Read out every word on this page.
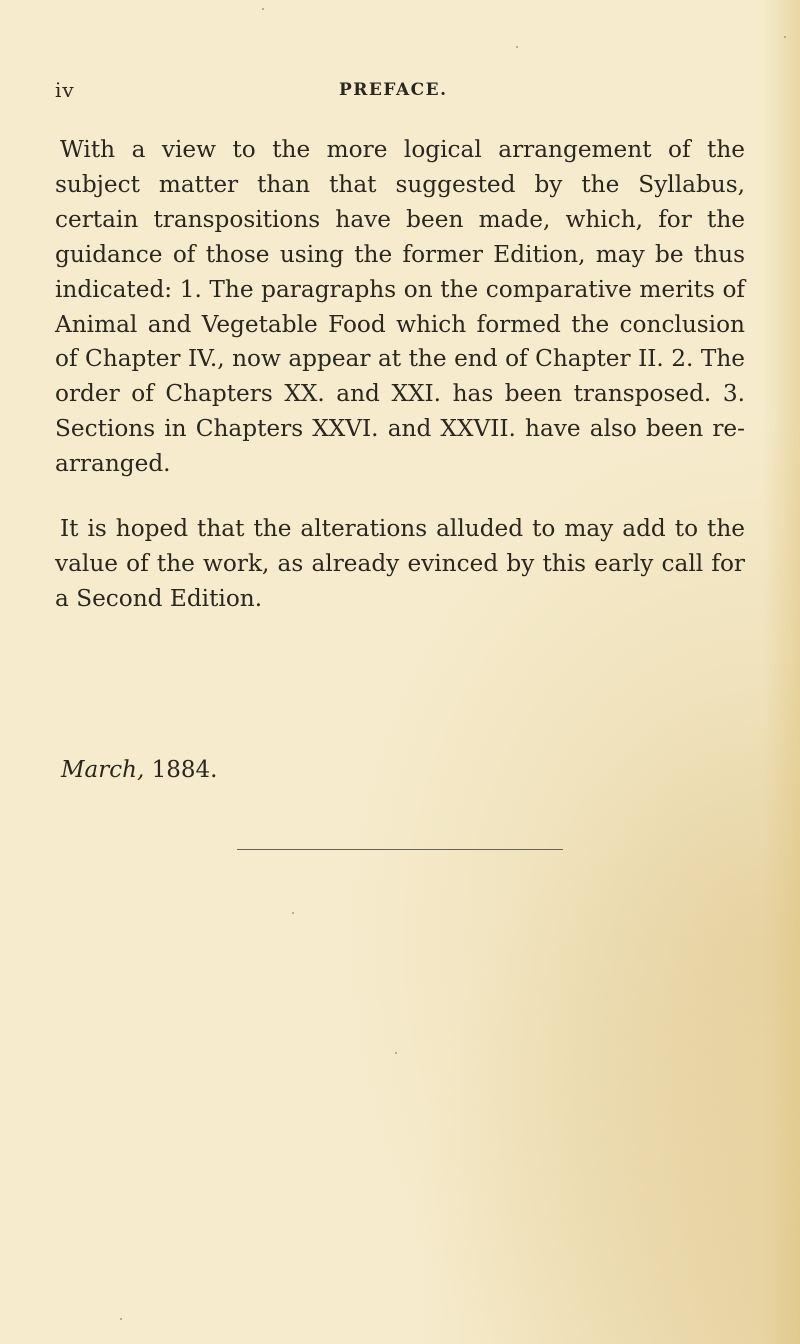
iv	PREFACE.

With a view to the more logical arrangement of the subject matter than that suggested by the Syllabus, certain transpositions have been made, which, for the guidance of those using the former Edition, may be thus indicated: 1. The paragraphs on the comparative merits of Animal and Vegetable Food which formed the conclusion of Chapter IV., now appear at the end of Chapter II. 2. The order of Chapters XX. and XXI. has been transposed. 3. Sections in Chapters XXVI. and XXVII. have also been re-arranged.

It is hoped that the alterations alluded to may add to the value of the work, as already evinced by this early call for a Second Edition.

March, 1884.
